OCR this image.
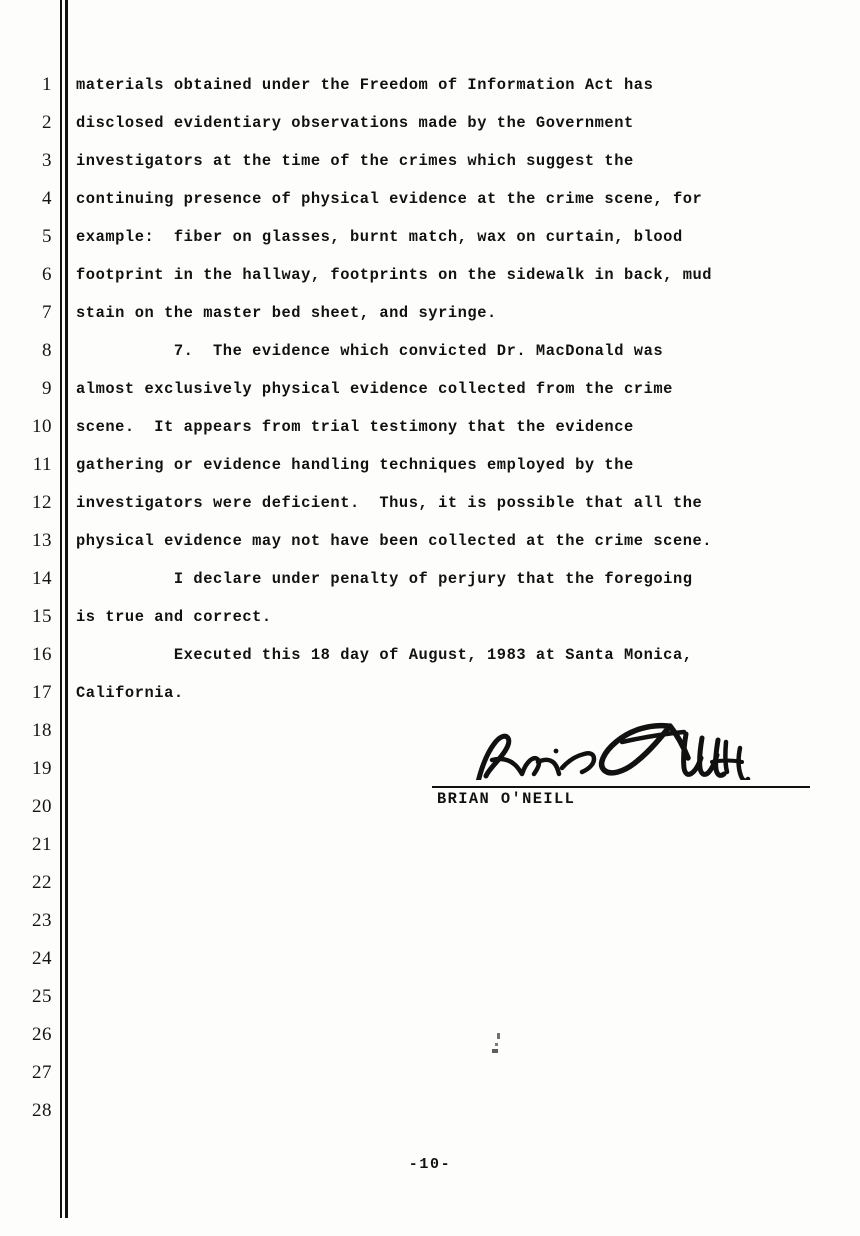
1
2
3
4
5
6
7
8
9
10
11
12
13
14
15
16
17
18
19
20
21
22
23
24
25
26
27
28
materials obtained under the Freedom of Information Act has
disclosed evidentiary observations made by the Government
investigators at the time of the crimes which suggest the
continuing presence of physical evidence at the crime scene, for
example:  fiber on glasses, burnt match, wax on curtain, blood
footprint in the hallway, footprints on the sidewalk in back, mud
stain on the master bed sheet, and syringe.
7.  The evidence which convicted Dr. MacDonald was
almost exclusively physical evidence collected from the crime
scene.  It appears from trial testimony that the evidence
gathering or evidence handling techniques employed by the
investigators were deficient.  Thus, it is possible that all the
physical evidence may not have been collected at the crime scene.
I declare under penalty of perjury that the foregoing
is true and correct.
Executed this 18 day of August, 1983 at Santa Monica,
California.
BRIAN O'NEILL
-10-
